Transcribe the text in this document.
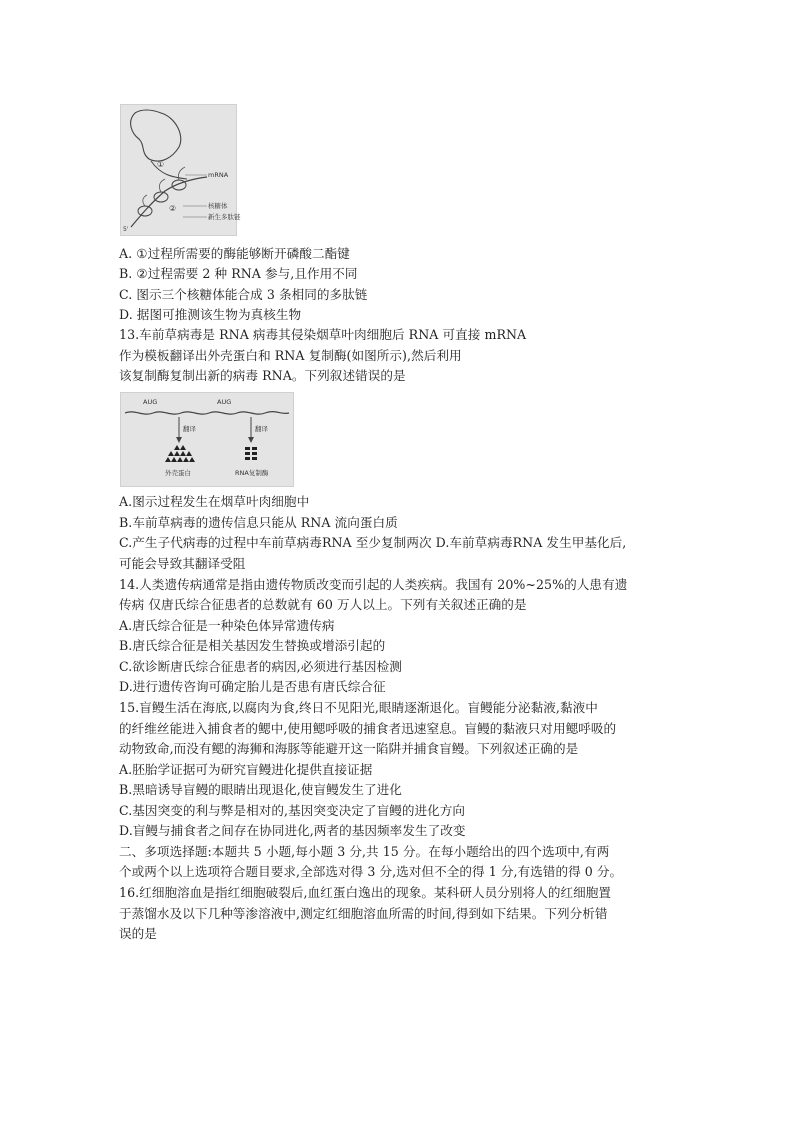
mRNA
核糖体
新生多肽链
①
②
5'
AUG	AUG
翻译	翻译
外壳蛋白	RNA复制酶
A. ①过程所需要的酶能够断开磷酸二酯键
B. ②过程需要 2 种 RNA 参与,且作用不同
C. 图示三个核糖体能合成 3 条相同的多肽链
D. 据图可推测该生物为真核生物
13.车前草病毒是 RNA 病毒其侵染烟草叶肉细胞后 RNA 可直接 mRNA
作为模板翻译出外壳蛋白和 RNA 复制酶(如图所示),然后利用
该复制酶复制出新的病毒 RNA。下列叙述错误的是
A.图示过程发生在烟草叶肉细胞中
B.车前草病毒的遗传信息只能从 RNA 流向蛋白质
C.产生子代病毒的过程中车前草病毒RNA 至少复制两次 D.车前草病毒RNA 发生甲基化后,
可能会导致其翻译受阻
14.人类遗传病通常是指由遗传物质改变而引起的人类疾病。我国有 20%~25%的人患有遗
传病 仅唐氏综合征患者的总数就有 60 万人以上。下列有关叙述正确的是
A.唐氏综合征是一种染色体异常遗传病
B.唐氏综合征是相关基因发生替换或增添引起的
C.欲诊断唐氏综合征患者的病因,必须进行基因检测
D.进行遗传咨询可确定胎儿是否患有唐氏综合征
15.盲鳗生活在海底,以腐肉为食,终日不见阳光,眼睛逐渐退化。盲鳗能分泌黏液,黏液中
的纤维丝能进入捕食者的鳃中,使用鳃呼吸的捕食者迅速窒息。盲鳗的黏液只对用鳃呼吸的
动物致命,而没有鳃的海狮和海豚等能避开这一陷阱并捕食盲鳗。下列叙述正确的是
A.胚胎学证据可为研究盲鳗进化提供直接证据
B.黑暗诱导盲鳗的眼睛出现退化,使盲鳗发生了进化
C.基因突变的利与弊是相对的,基因突变决定了盲鳗的进化方向
D.盲鳗与捕食者之间存在协同进化,两者的基因频率发生了改变
二、多项选择题:本题共 5 小题,每小题 3 分,共 15 分。在每小题给出的四个选项中,有两
个或两个以上选项符合题目要求,全部选对得 3 分,选对但不全的得 1 分,有选错的得 0 分。
16.红细胞溶血是指红细胞破裂后,血红蛋白逸出的现象。某科研人员分别将人的红细胞置
于蒸馏水及以下几种等渗溶液中,测定红细胞溶血所需的时间,得到如下结果。下列分析错
误的是
